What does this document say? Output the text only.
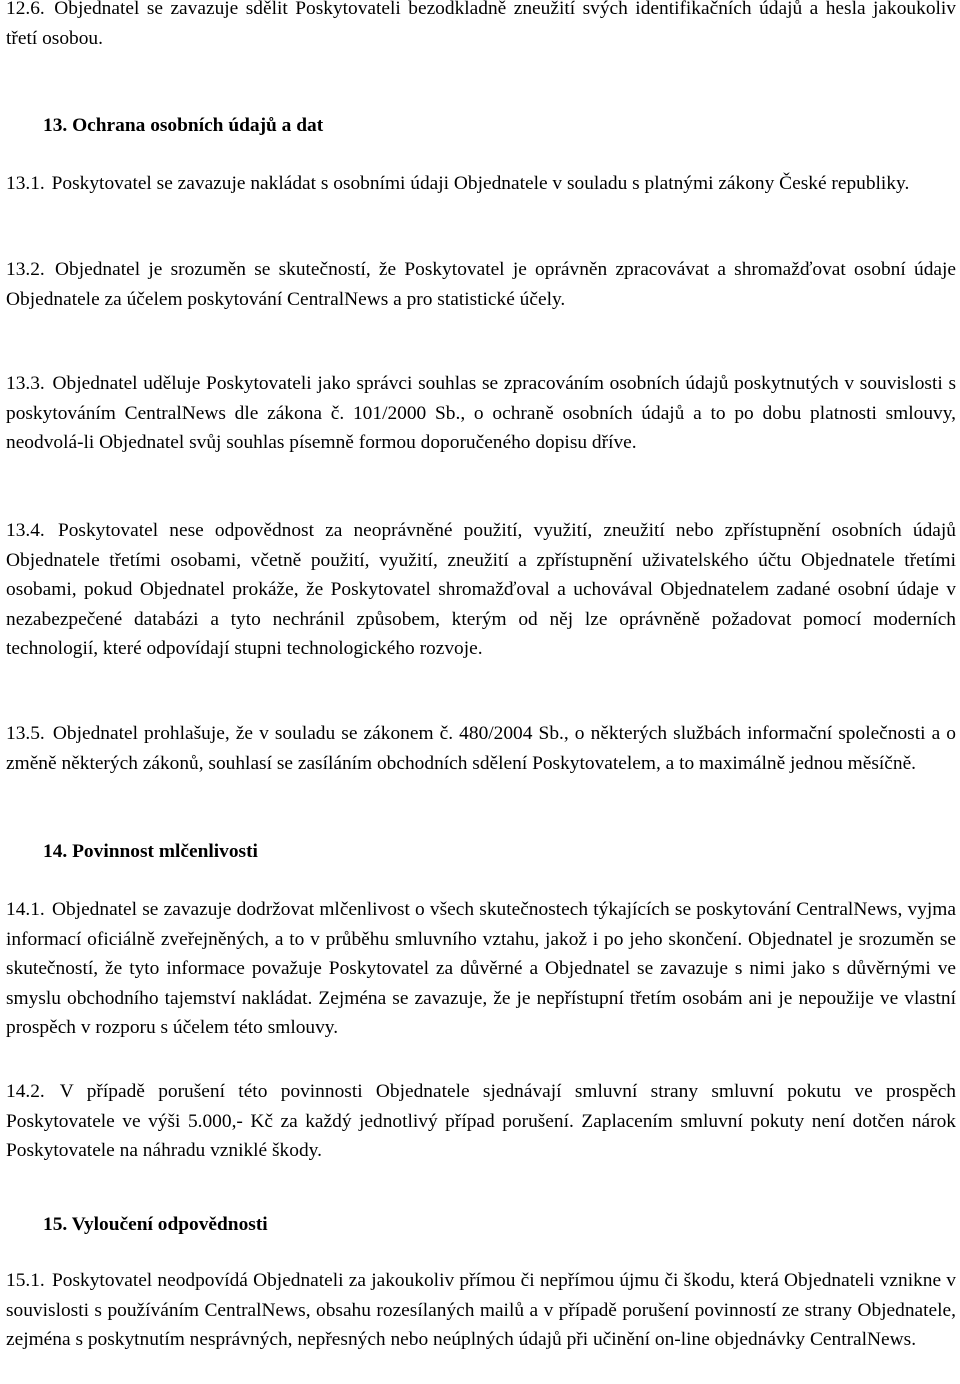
12.6. Objednatel se zavazuje sdělit Poskytovateli bezodkladně zneužití svých identifikačních údajů a hesla jakoukoliv třetí osobou.

13. Ochrana osobních údajů a dat

13.1. Poskytovatel se zavazuje nakládat s osobními údaji Objednatele v souladu s platnými zákony České republiky.

13.2. Objednatel je srozuměn se skutečností, že Poskytovatel je oprávněn zpracovávat a shromažďovat osobní údaje Objednatele za účelem poskytování CentralNews a pro statistické účely.

13.3. Objednatel uděluje Poskytovateli jako správci souhlas se zpracováním osobních údajů poskytnutých v souvislosti s poskytováním CentralNews dle zákona č. 101/2000 Sb., o ochraně osobních údajů a to po dobu platnosti smlouvy, neodvolá-li Objednatel svůj souhlas písemně formou doporučeného dopisu dříve.

13.4. Poskytovatel nese odpovědnost za neoprávněné použití, využití, zneužití nebo zpřístupnění osobních údajů Objednatele třetími osobami, včetně použití, využití, zneužití a zpřístupnění uživatelského účtu Objednatele třetími osobami, pokud Objednatel prokáže, že Poskytovatel shromažďoval a uchovával Objednatelem zadané osobní údaje v nezabezpečené databázi a tyto nechránil způsobem, kterým od něj lze oprávněně požadovat pomocí moderních technologií, které odpovídají stupni technologického rozvoje.

13.5. Objednatel prohlašuje, že v souladu se zákonem č. 480/2004 Sb., o některých službách informační společnosti a o změně některých zákonů, souhlasí se zasíláním obchodních sdělení Poskytovatelem, a to maximálně jednou měsíčně.

14. Povinnost mlčenlivosti

14.1. Objednatel se zavazuje dodržovat mlčenlivost o všech skutečnostech týkajících se poskytování CentralNews, vyjma informací oficiálně zveřejněných, a to v průběhu smluvního vztahu, jakož i po jeho skončení. Objednatel je srozuměn se skutečností, že tyto informace považuje Poskytovatel za důvěrné a Objednatel se zavazuje s nimi jako s důvěrnými ve smyslu obchodního tajemství nakládat. Zejména se zavazuje, že je nepřístupní třetím osobám ani je nepoužije ve vlastní prospěch v rozporu s účelem této smlouvy.

14.2. V případě porušení této povinnosti Objednatele sjednávají smluvní strany smluvní pokutu ve prospěch Poskytovatele ve výši 5.000,- Kč za každý jednotlivý případ porušení. Zaplacením smluvní pokuty není dotčen nárok Poskytovatele na náhradu vzniklé škody.

15. Vyloučení odpovědnosti

15.1. Poskytovatel neodpovídá Objednateli za jakoukoliv přímou či nepřímou újmu či škodu, která Objednateli vznikne v souvislosti s používáním CentralNews, obsahu rozesílaných mailů a v případě porušení povinností ze strany Objednatele, zejména s poskytnutím nesprávných, nepřesných nebo neúplných údajů při učinění on-line objednávky CentralNews.
